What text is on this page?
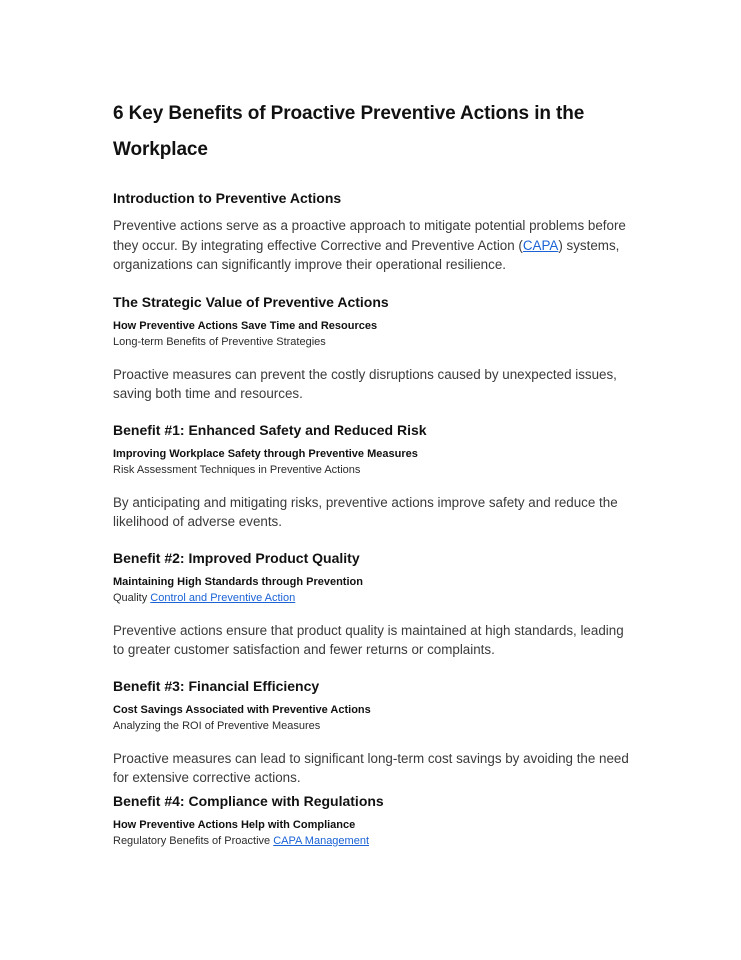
6 Key Benefits of Proactive Preventive Actions in the
Workplace
Introduction to Preventive Actions

Preventive actions serve as a proactive approach to mitigate potential problems before they occur. By integrating effective Corrective and Preventive Action (CAPA) systems, organizations can significantly improve their operational resilience.

The Strategic Value of Preventive Actions
How Preventive Actions Save Time and Resources
Long-term Benefits of Preventive Strategies

Proactive measures can prevent the costly disruptions caused by unexpected issues, saving both time and resources.

Benefit #1: Enhanced Safety and Reduced Risk
Improving Workplace Safety through Preventive Measures
Risk Assessment Techniques in Preventive Actions

By anticipating and mitigating risks, preventive actions improve safety and reduce the likelihood of adverse events.

Benefit #2: Improved Product Quality
Maintaining High Standards through Prevention
Quality Control and Preventive Action

Preventive actions ensure that product quality is maintained at high standards, leading to greater customer satisfaction and fewer returns or complaints.

Benefit #3: Financial Efficiency
Cost Savings Associated with Preventive Actions
Analyzing the ROI of Preventive Measures

Proactive measures can lead to significant long-term cost savings by avoiding the need for extensive corrective actions.

Benefit #4: Compliance with Regulations
How Preventive Actions Help with Compliance
Regulatory Benefits of Proactive CAPA Management
